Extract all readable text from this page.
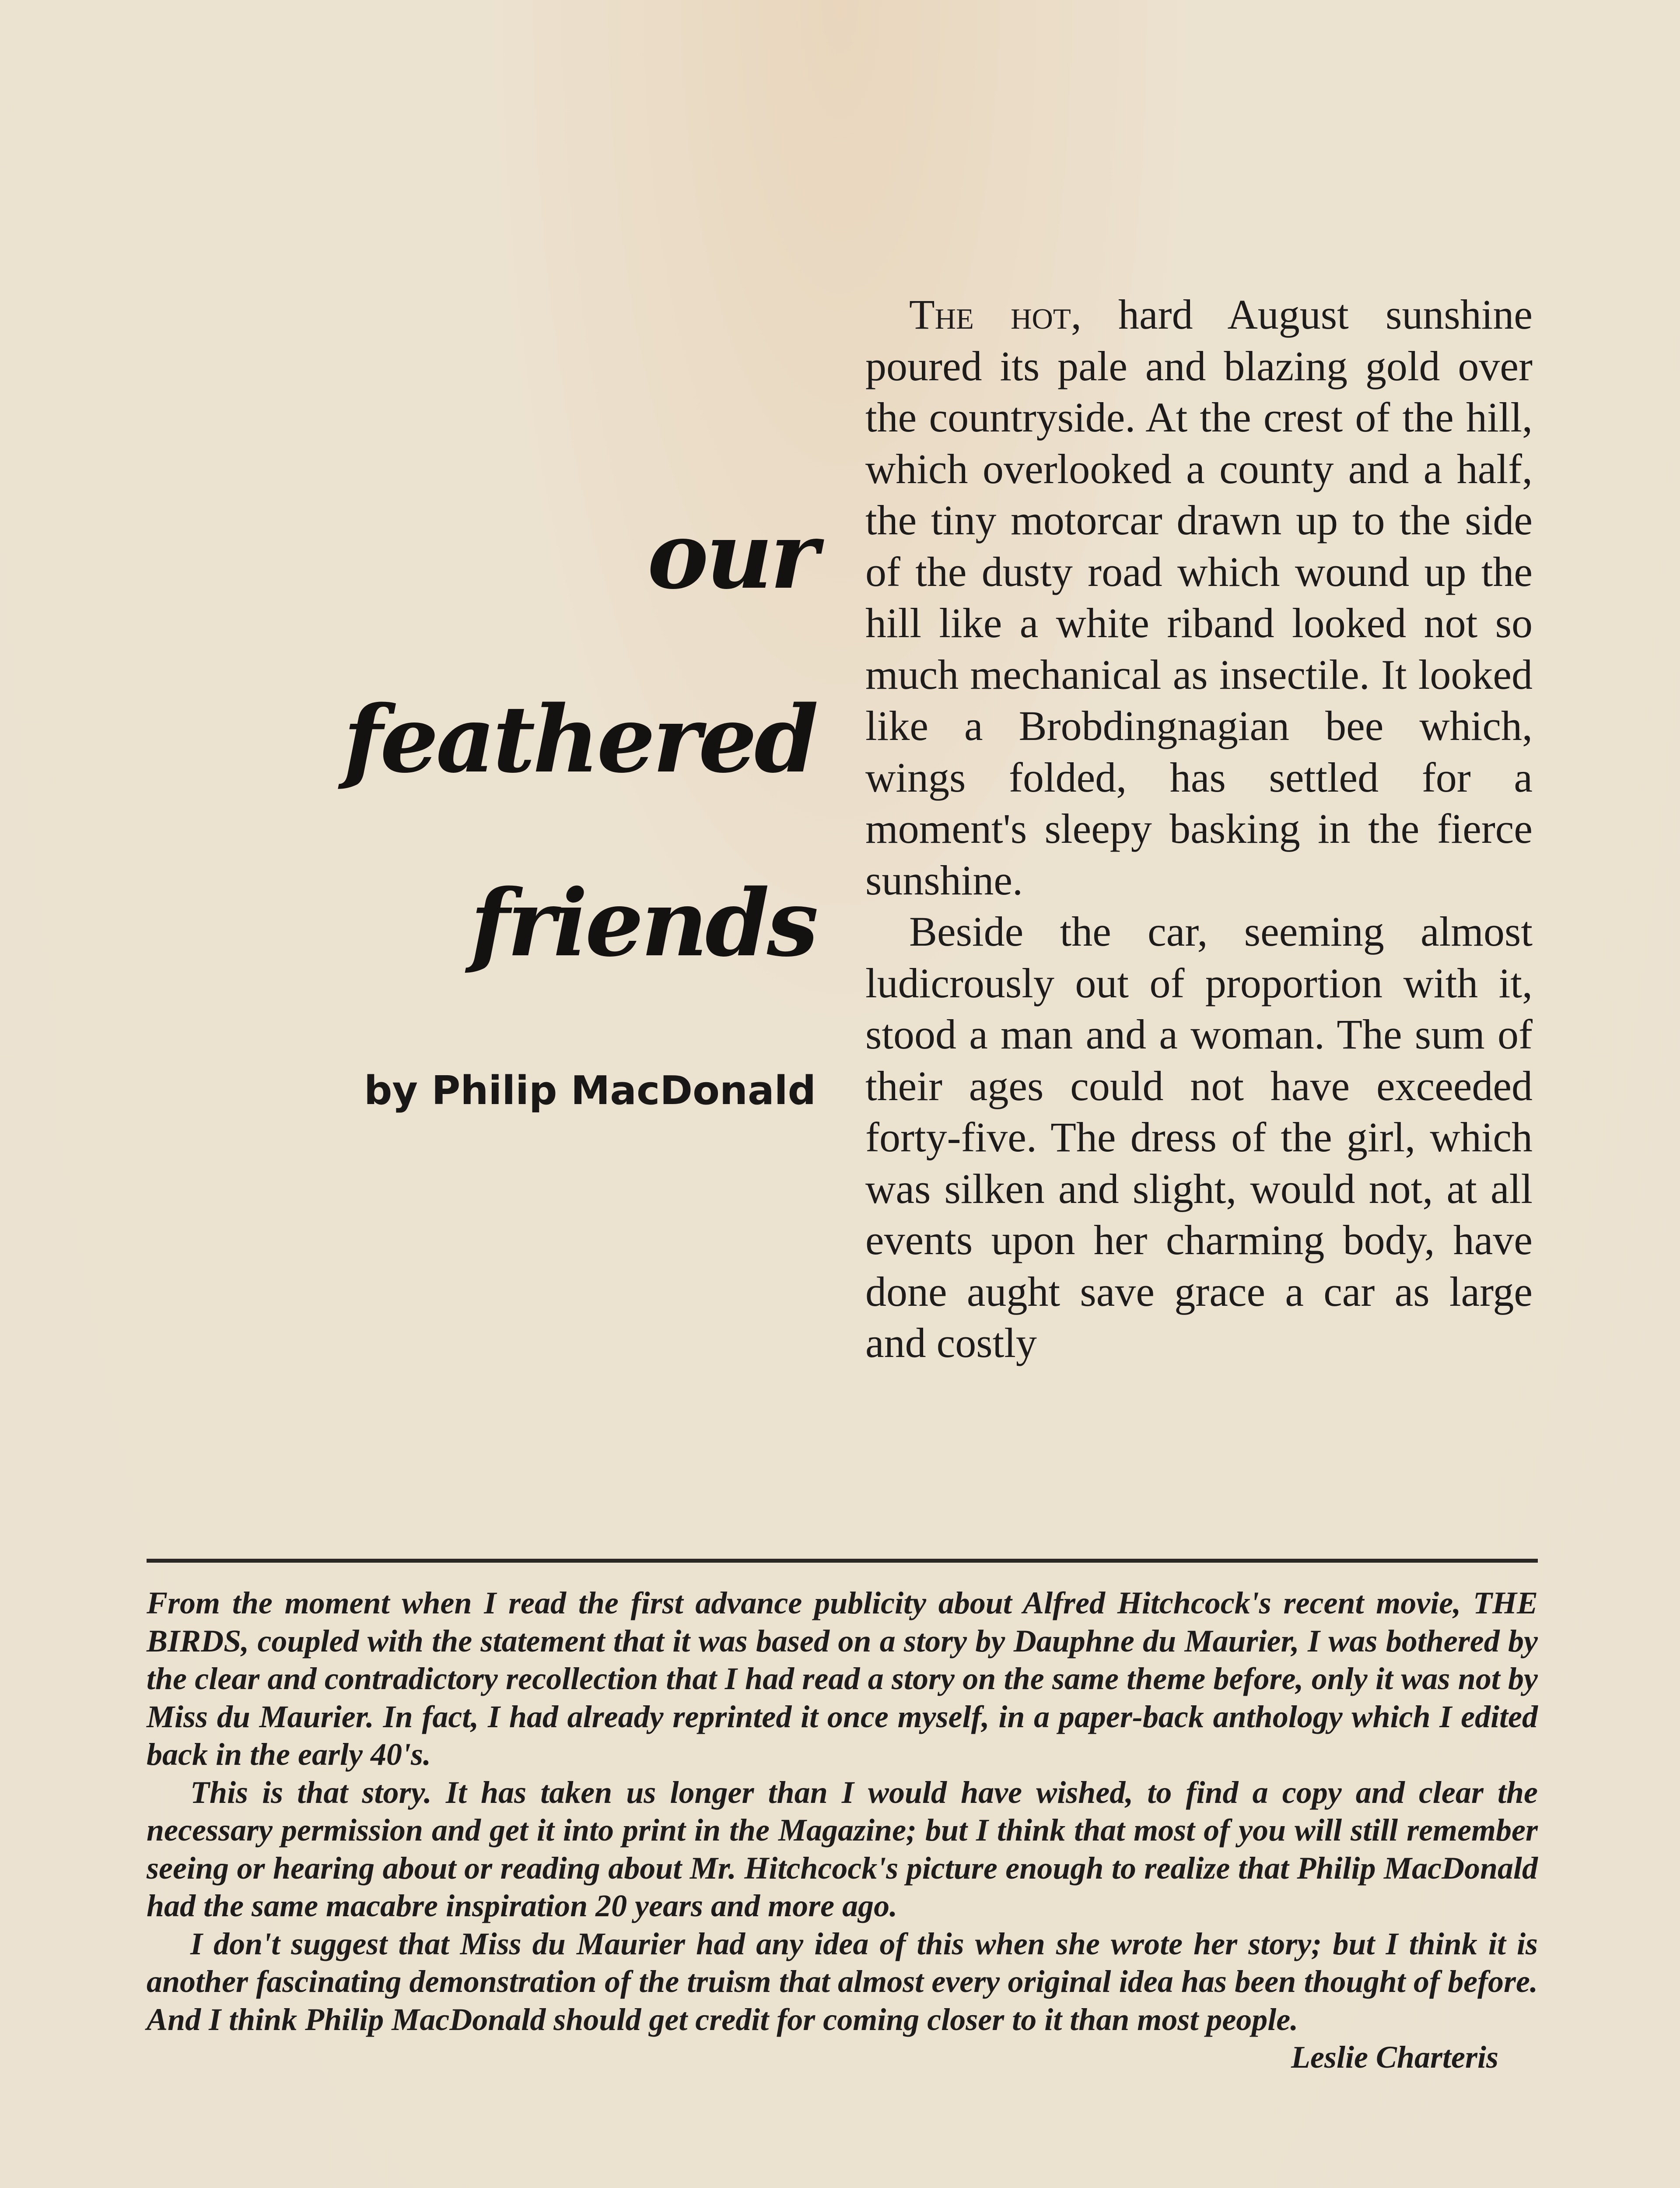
our
feathered
friends
by Philip MacDonald

The hot, hard August sunshine poured its pale and blazing gold over the countryside. At the crest of the hill, which overlooked a county and a half, the tiny motorcar drawn up to the side of the dusty road which wound up the hill like a white riband looked not so much mechanical as insectile. It looked like a Brobdingnagian bee which, wings folded, has settled for a moment's sleepy basking in the fierce sunshine.

Beside the car, seeming almost ludicrously out of proportion with it, stood a man and a woman. The sum of their ages could not have exceeded forty-five. The dress of the girl, which was silken and slight, would not, at all events upon her charming body, have done aught save grace a car as large and costly

From the moment when I read the first advance publicity about Alfred Hitchcock's recent movie, THE BIRDS, coupled with the statement that it was based on a story by Dauphne du Maurier, I was bothered by the clear and contradictory recollection that I had read a story on the same theme before, only it was not by Miss du Maurier. In fact, I had already reprinted it once myself, in a paper-back anthology which I edited back in the early 40's.

This is that story. It has taken us longer than I would have wished, to find a copy and clear the necessary permission and get it into print in the Magazine; but I think that most of you will still remember seeing or hearing about or reading about Mr. Hitchcock's picture enough to realize that Philip MacDonald had the same macabre inspiration 20 years and more ago.

I don't suggest that Miss du Maurier had any idea of this when she wrote her story; but I think it is another fascinating demonstration of the truism that almost every original idea has been thought of before. And I think Philip MacDonald should get credit for coming closer to it than most people.

Leslie Charteris
